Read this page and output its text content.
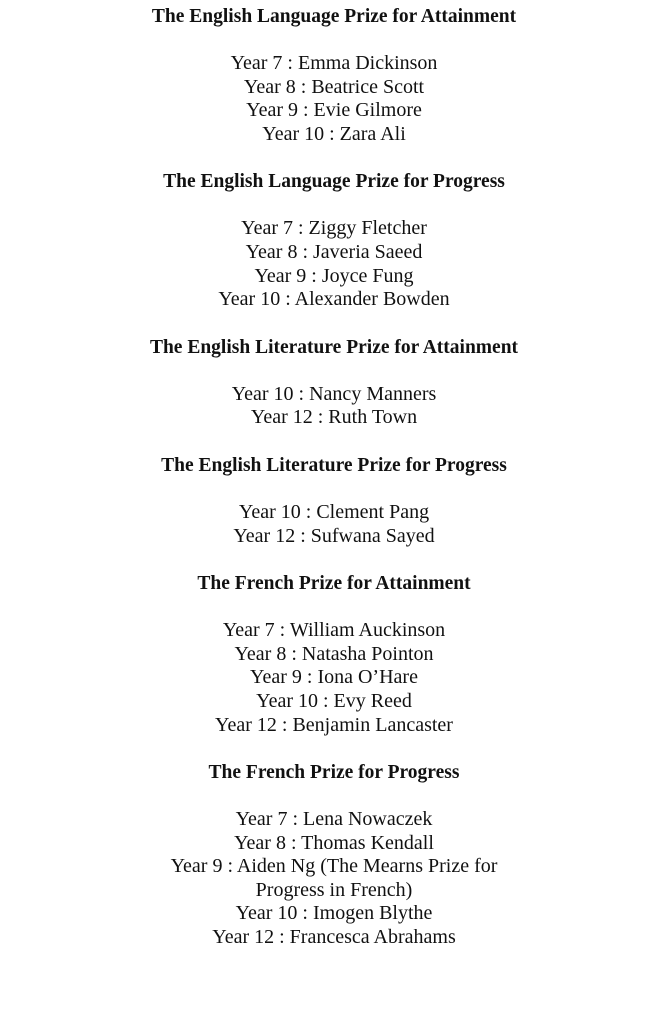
The English Language Prize for Attainment
Year 7 : Emma Dickinson
Year 8 : Beatrice Scott
Year 9 : Evie Gilmore
Year 10 : Zara Ali
The English Language Prize for Progress
Year 7 : Ziggy Fletcher
Year 8 : Javeria Saeed
Year 9 : Joyce Fung
Year 10 : Alexander Bowden
The English Literature Prize for Attainment
Year 10 : Nancy Manners
Year 12 : Ruth Town
The English Literature Prize for Progress
Year 10 : Clement Pang
Year 12 : Sufwana Sayed
The French Prize for Attainment
Year 7 : William Auckinson
Year 8 : Natasha Pointon
Year 9 : Iona O’Hare
Year 10 : Evy Reed
Year 12 : Benjamin Lancaster
The French Prize for Progress
Year 7 : Lena Nowaczek
Year 8 : Thomas Kendall
Year 9 : Aiden Ng (The Mearns Prize for Progress in French)
Year 10 : Imogen Blythe
Year 12 : Francesca Abrahams
